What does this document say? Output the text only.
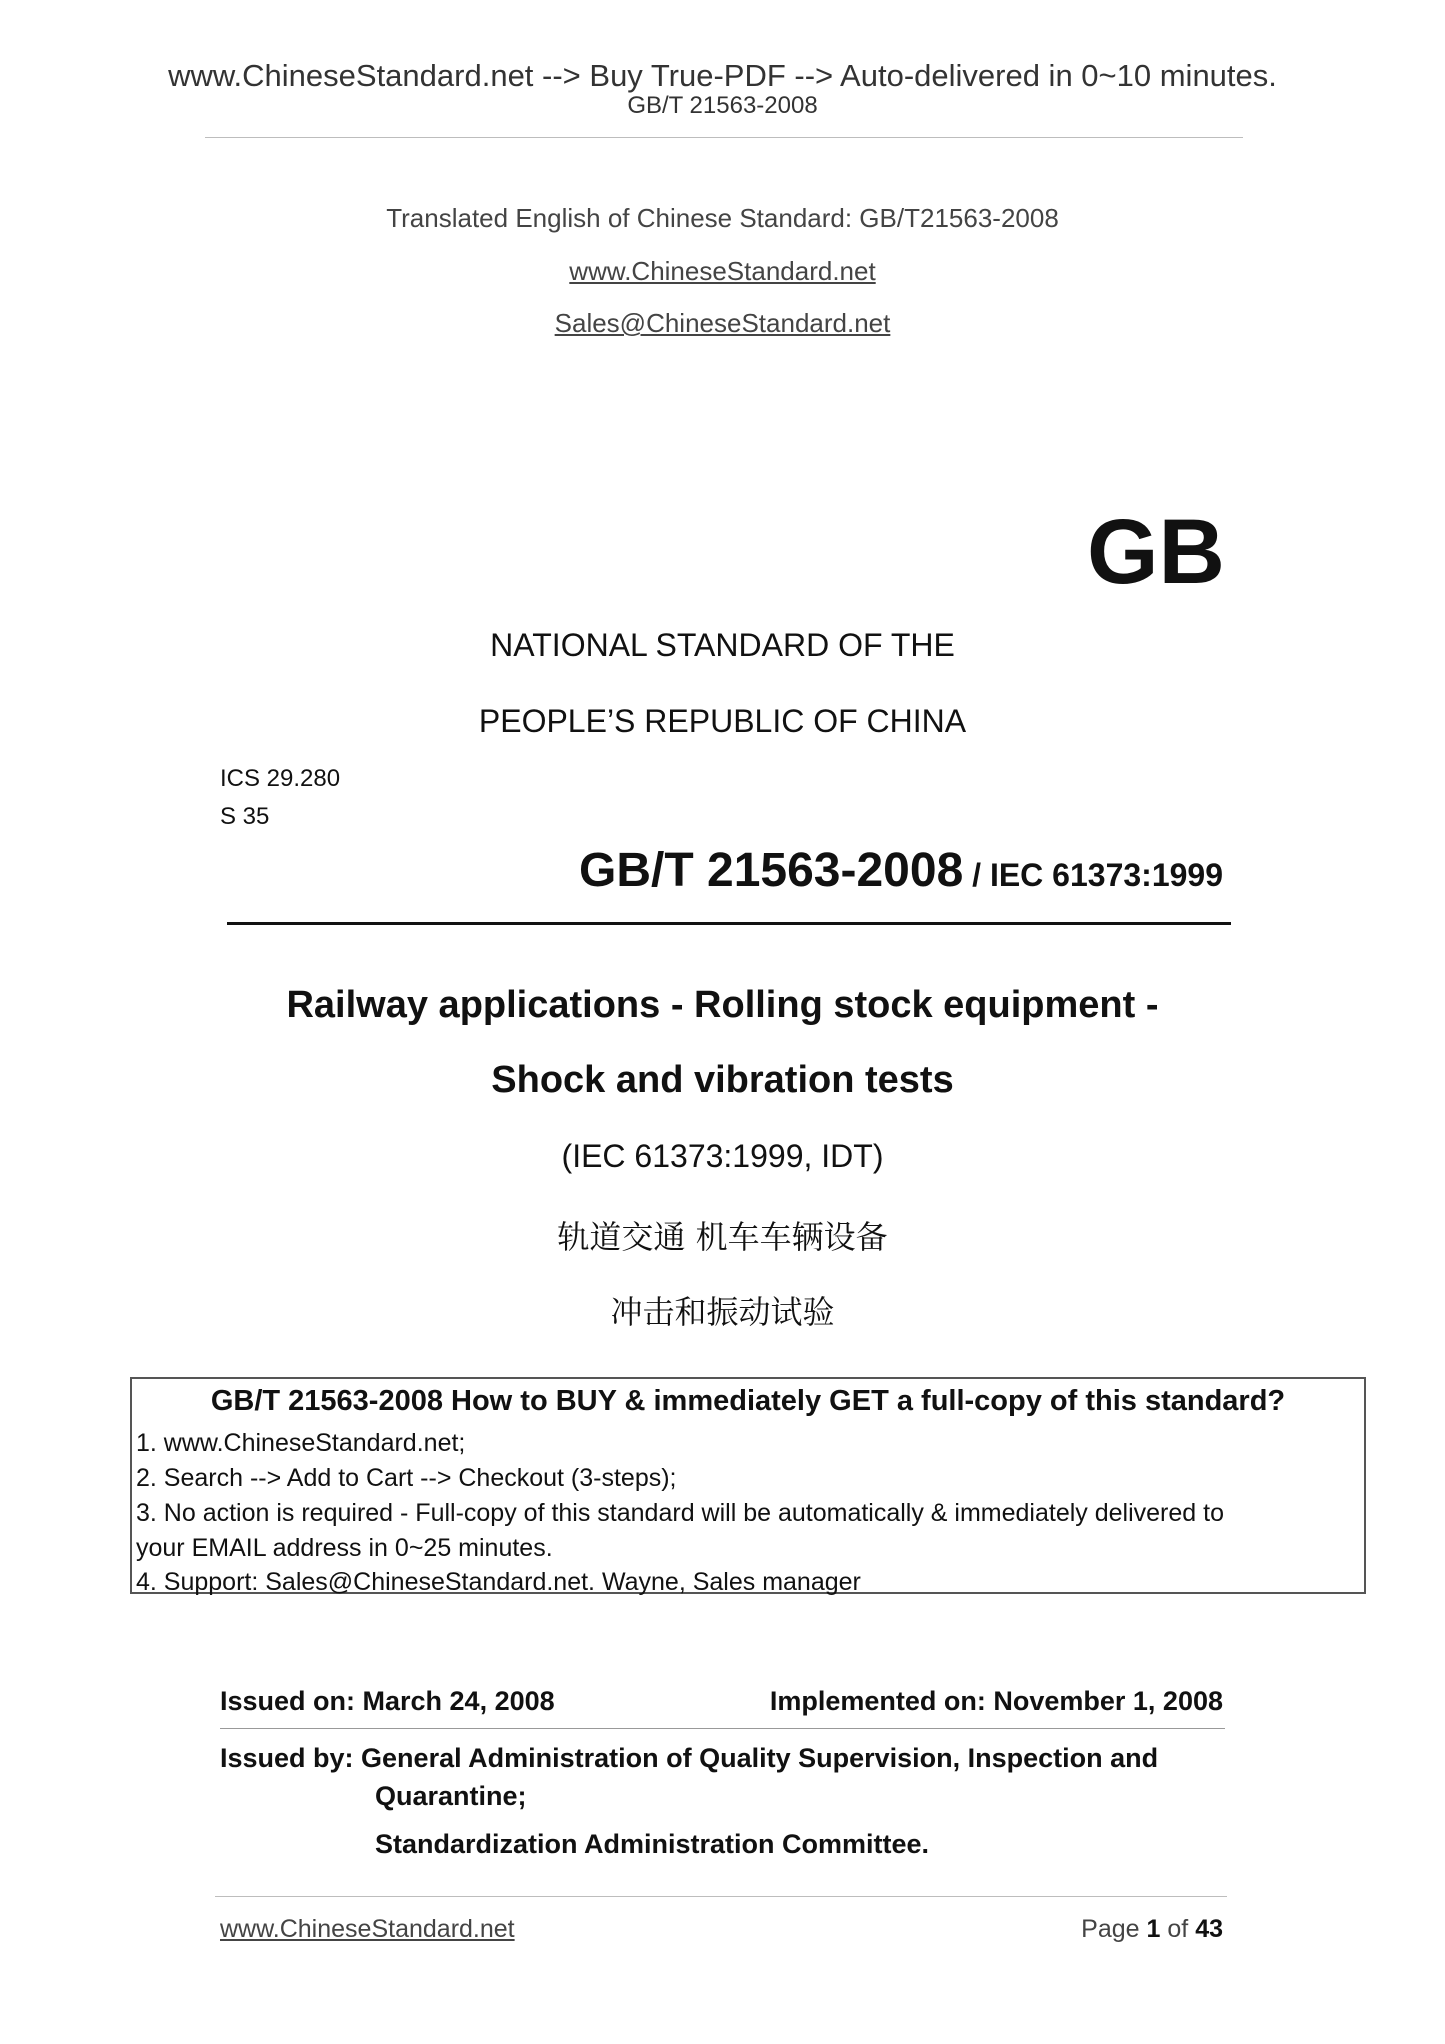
www.ChineseStandard.net --> Buy True-PDF --> Auto-delivered in 0~10 minutes.
GB/T 21563-2008
Translated English of Chinese Standard: GB/T21563-2008
www.ChineseStandard.net
Sales@ChineseStandard.net
GB
NATIONAL STANDARD OF THE
PEOPLE’S REPUBLIC OF CHINA
ICS 29.280
S 35
GB/T 21563-2008 / IEC 61373:1999
Railway applications - Rolling stock equipment -
Shock and vibration tests
(IEC 61373:1999, IDT)
轨道交通 机车车辆设备
冲击和振动试验
GB/T 21563-2008 How to BUY & immediately GET a full-copy of this standard?
1. www.ChineseStandard.net;
2. Search --> Add to Cart --> Checkout (3-steps);
3. No action is required - Full-copy of this standard will be automatically & immediately delivered to
your EMAIL address in 0~25 minutes.
4. Support: Sales@ChineseStandard.net. Wayne, Sales manager
Issued on: March 24, 2008	Implemented on: November 1, 2008
Issued by: General Administration of Quality Supervision, Inspection and
Quarantine;
Standardization Administration Committee.
www.ChineseStandard.net	Page 1 of 43
